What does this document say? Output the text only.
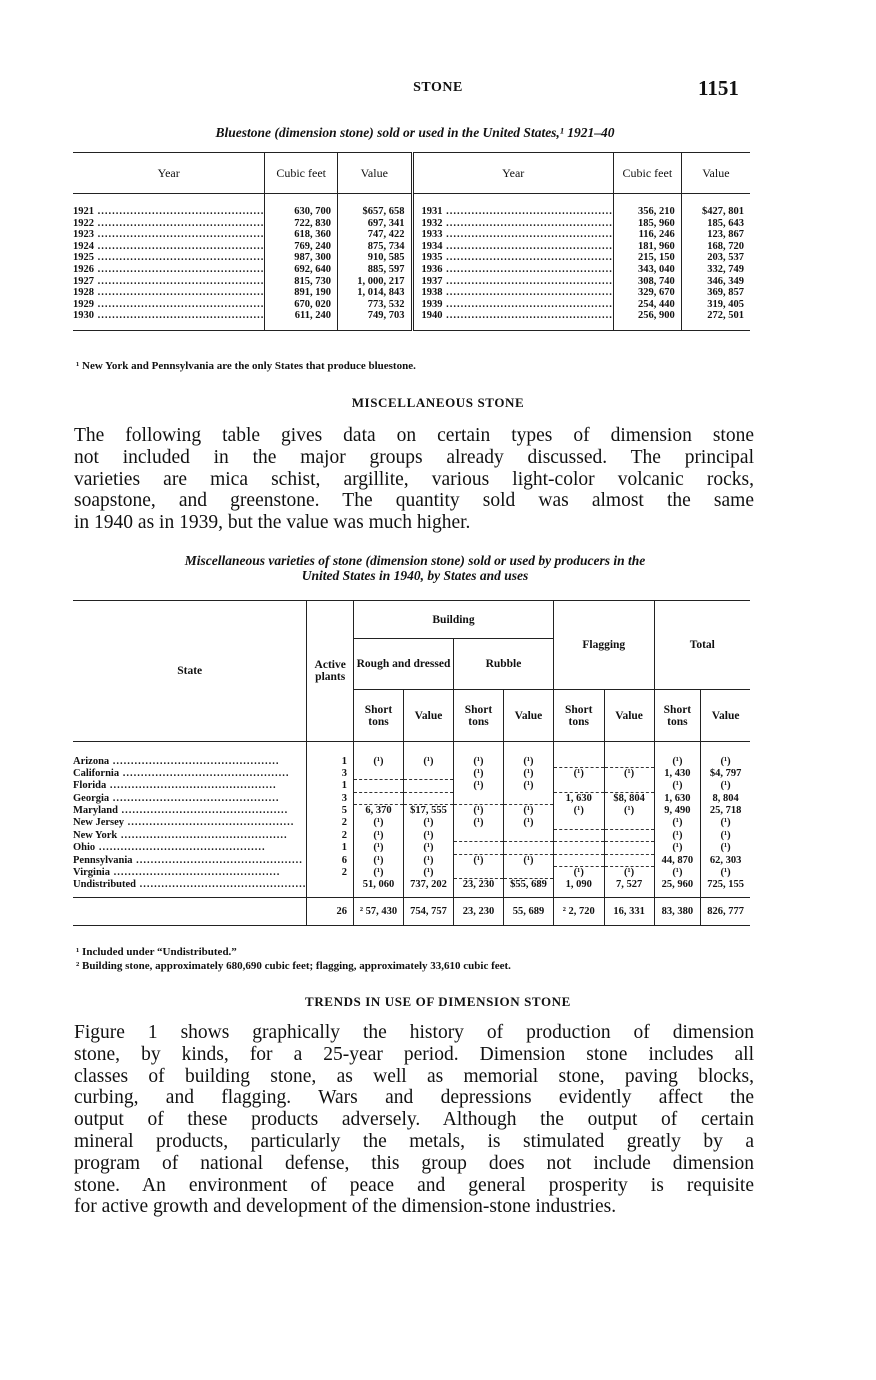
STONE	1151
Bluestone (dimension stone) sold or used in the United States,¹ 1921–40
Year	Cubic feet	Value	Year	Cubic feet	Value

1921 ..............................................	630, 700	$657, 658	1931 ..............................................	356, 210	$427, 801
1922 ..............................................	722, 830	697, 341	1932 ..............................................	185, 960	185, 643
1923 ..............................................	618, 360	747, 422	1933 ..............................................	116, 246	123, 867
1924 ..............................................	769, 240	875, 734	1934 ..............................................	181, 960	168, 720
1925 ..............................................	987, 300	910, 585	1935 ..............................................	215, 150	203, 537
1926 ..............................................	692, 640	885, 597	1936 ..............................................	343, 040	332, 749
1927 ..............................................	815, 730	1, 000, 217	1937 ..............................................	308, 740	346, 349
1928 ..............................................	891, 190	1, 014, 843	1938 ..............................................	329, 670	369, 857
1929 ..............................................	670, 020	773, 532	1939 ..............................................	254, 440	319, 405
1930 ..............................................	611, 240	749, 703	1940 ..............................................	256, 900	272, 501

¹ New York and Pennsylvania are the only States that produce bluestone.
MISCELLANEOUS STONE
The following table gives data on certain types of dimension stone
not included in the major groups already discussed. The principal
varieties are mica schist, argillite, various light-color volcanic rocks,
soapstone, and greenstone. The quantity sold was almost the same
in 1940 as in 1939, but the value was much higher.
Miscellaneous varieties of stone (dimension stone) sold or used by producers in the
United States in 1940, by States and uses
State	Active plants	Building				Flagging		Total	
		Rough and dressed		Rubble					
		Short tons	Value	Short tons	Value	Short tons	Value	Short tons	Value

Arizona ..............................................	1	(¹)	(¹)	(¹)	(¹)			(¹)	(¹)
California ..............................................	3			(¹)	(¹)	(¹)	(¹)	1, 430	$4, 797
Florida ..............................................	1			(¹)	(¹)			(¹)	(¹)
Georgia ..............................................	3					1, 630	$8, 804	1, 630	8, 804
Maryland ..............................................	5	6, 370	$17, 555	(¹)	(¹)	(¹)	(¹)	9, 490	25, 718
New Jersey ..............................................	2	(¹)	(¹)	(¹)	(¹)			(¹)	(¹)
New York ..............................................	2	(¹)	(¹)					(¹)	(¹)
Ohio ..............................................	1	(¹)	(¹)					(¹)	(¹)
Pennsylvania ..............................................	6	(¹)	(¹)	(¹)	(¹)			44, 870	62, 303
Virginia ..............................................	2	(¹)	(¹)			(¹)	(¹)	(¹)	(¹)
Undistributed ..............................................		51, 060	737, 202	23, 230	$55, 689	1, 090	7, 527	25, 960	725, 155

	26	² 57, 430	754, 757	23, 230	55, 689	² 2, 720	16, 331	83, 380	826, 777
¹ Included under “Undistributed.”
² Building stone, approximately 680,690 cubic feet; flagging, approximately 33,610 cubic feet.
TRENDS IN USE OF DIMENSION STONE
Figure 1 shows graphically the history of production of dimension
stone, by kinds, for a 25-year period. Dimension stone includes all
classes of building stone, as well as memorial stone, paving blocks,
curbing, and flagging. Wars and depressions evidently affect the
output of these products adversely. Although the output of certain
mineral products, particularly the metals, is stimulated greatly by a
program of national defense, this group does not include dimension
stone. An environment of peace and general prosperity is requisite
for active growth and development of the dimension-stone industries.
